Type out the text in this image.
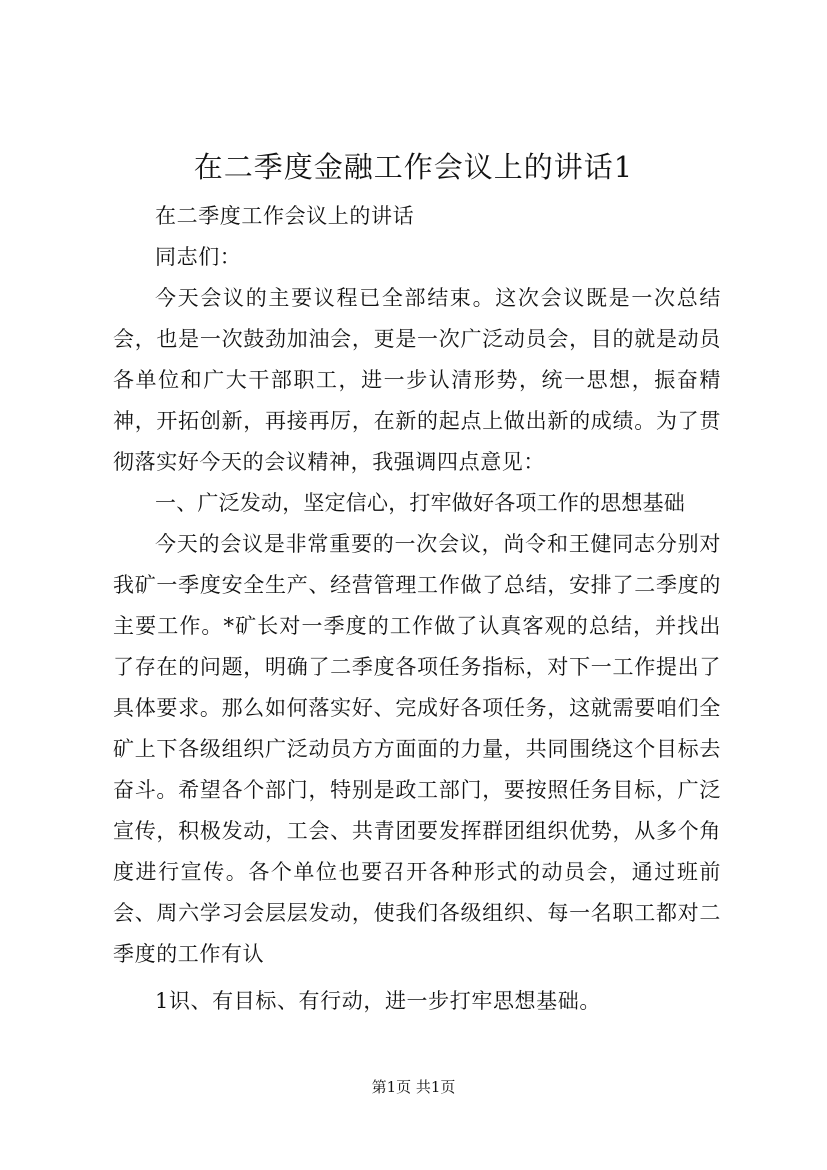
在二季度金融工作会议上的讲话1

在二季度工作会议上的讲话

同志们：

今天会议的主要议程已全部结束。这次会议既是一次总结会，也是一次鼓劲加油会，更是一次广泛动员会，目的就是动员各单位和广大干部职工，进一步认清形势，统一思想，振奋精神，开拓创新，再接再厉，在新的起点上做出新的成绩。为了贯彻落实好今天的会议精神，我强调四点意见：

一、广泛发动，坚定信心，打牢做好各项工作的思想基础

今天的会议是非常重要的一次会议，尚令和王健同志分别对我矿一季度安全生产、经营管理工作做了总结，安排了二季度的主要工作。*矿长对一季度的工作做了认真客观的总结，并找出了存在的问题，明确了二季度各项任务指标，对下一工作提出了具体要求。那么如何落实好、完成好各项任务，这就需要咱们全矿上下各级组织广泛动员方方面面的力量，共同围绕这个目标去奋斗。希望各个部门，特别是政工部门，要按照任务目标，广泛宣传，积极发动，工会、共青团要发挥群团组织优势，从多个角度进行宣传。各个单位也要召开各种形式的动员会，通过班前会、周六学习会层层发动，使我们各级组织、每一名职工都对二季度的工作有认

1识、有目标、有行动，进一步打牢思想基础。

第1页 共1页
